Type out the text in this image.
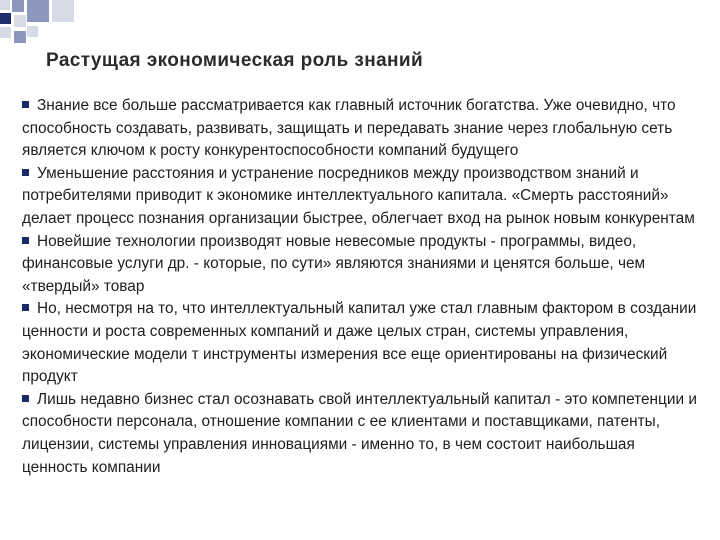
Растущая экономическая роль знаний

Знание все больше рассматривается как главный источник богатства. Уже очевидно, что способность создавать, развивать, защищать и передавать знание через глобальную сеть является ключом к росту конкурентоспособности компаний будущего

Уменьшение расстояния и устранение посредников между производством знаний и потребителями приводит к экономике интеллектуального капитала. «Смерть расстояний» делает процесс познания организации быстрее, облегчает вход на рынок новым конкурентам

Новейшие технологии производят новые невесомые продукты - программы, видео, финансовые услуги др. - которые, по сути» являются знаниями и ценятся больше, чем «твердый» товар

Но, несмотря на то, что интеллектуальный капитал уже стал главным фактором в создании ценности и роста современных компаний и даже целых стран, системы управления, экономические модели т инструменты измерения все еще ориентированы на физический продукт

Лишь недавно бизнес стал осознавать свой интеллектуальный капитал - это компетенции и способности персонала, отношение компании с ее клиентами и поставщиками, патенты, лицензии, системы управления инновациями - именно то, в чем состоит наибольшая ценность компании
